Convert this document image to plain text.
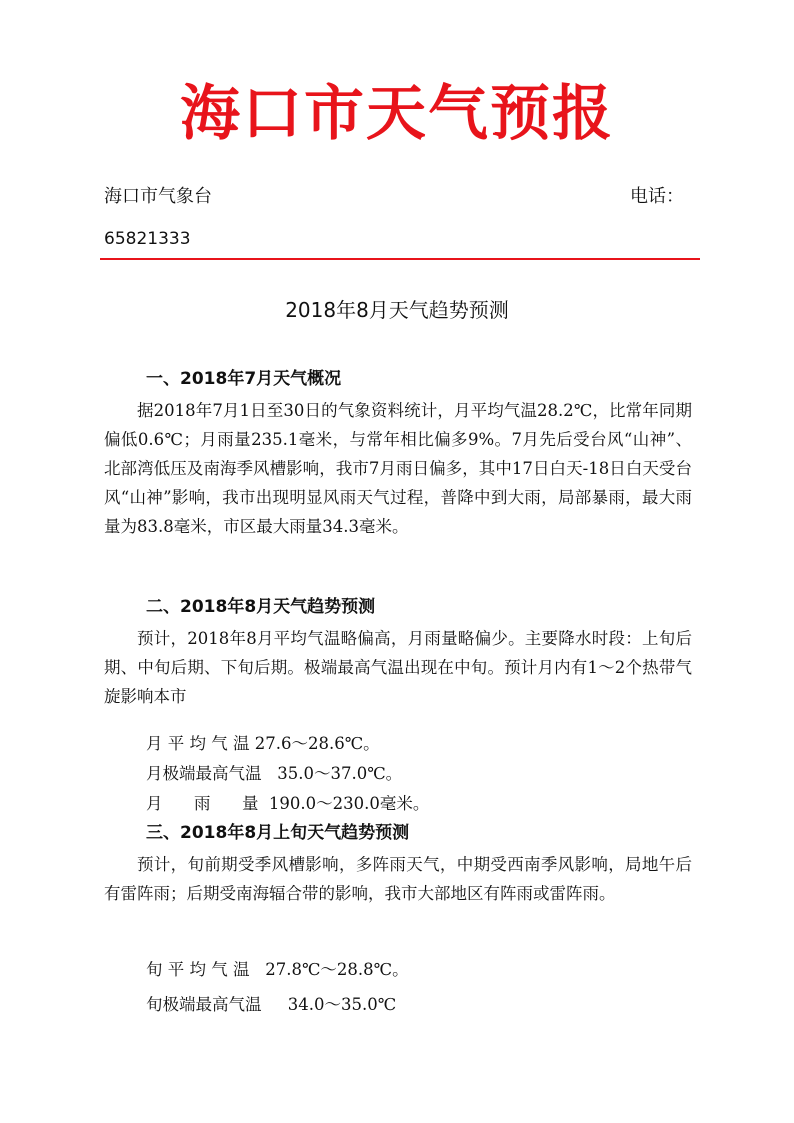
海口市天气预报
海口市气象台	电话：
65821333
2018年8月天气趋势预测
一、2018年7月天气概况
据2018年7月1日至30日的气象资料统计，月平均气温28.2℃，比常年同期偏低0.6℃；月雨量235.1毫米，与常年相比偏多9%。7月先后受台风“山神”、北部湾低压及南海季风槽影响，我市7月雨日偏多，其中17日白天-18日白天受台风“山神”影响，我市出现明显风雨天气过程，普降中到大雨，局部暴雨，最大雨量为83.8毫米，市区最大雨量34.3毫米。
二、2018年8月天气趋势预测
预计，2018年8月平均气温略偏高，月雨量略偏少。主要降水时段：上旬后期、中旬后期、下旬后期。极端最高气温出现在中旬。预计月内有1～2个热带气旋影响本市
月 平 均 气 温 27.6～28.6℃。
月极端最高气温   35.0～37.0℃。
月      雨      量  190.0～230.0毫米。
三、2018年8月上旬天气趋势预测
预计，旬前期受季风槽影响，多阵雨天气，中期受西南季风影响，局地午后有雷阵雨；后期受南海辐合带的影响，我市大部地区有阵雨或雷阵雨。
旬 平 均 气 温   27.8℃～28.8℃。
旬极端最高气温     34.0～35.0℃
